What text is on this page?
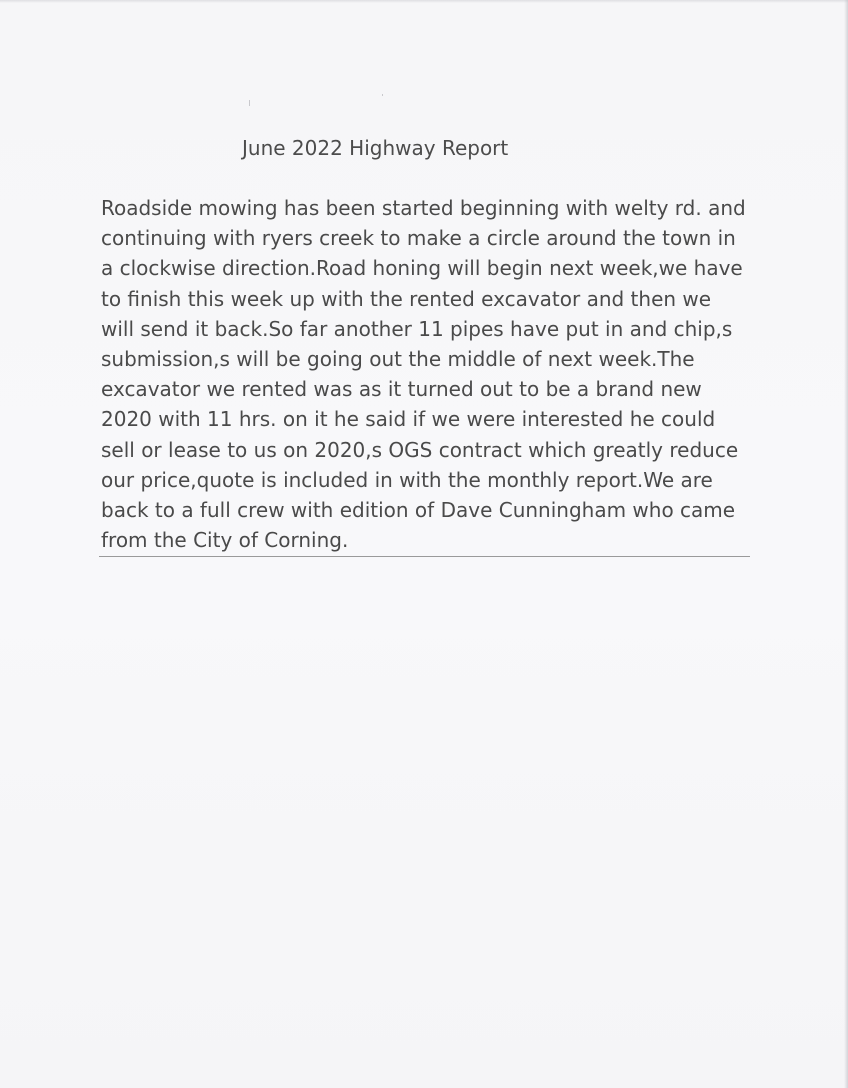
June 2022 Highway Report
Roadside mowing has been started beginning with welty rd. and
continuing with ryers creek to make a circle around the town in
a clockwise direction.Road honing will begin next week,we have
to finish this week up with the rented excavator and then we
will send it back.So far another 11 pipes have put in and chip,s
submission,s will be going out the middle of next week.The
excavator we rented was as it turned out to be a brand new
2020 with 11 hrs. on it he said if we were interested he could
sell or lease to us on 2020,s OGS contract which greatly reduce
our price,quote is included in with the monthly report.We are
back to a full crew with edition of Dave Cunningham who came
from the City of Corning.
